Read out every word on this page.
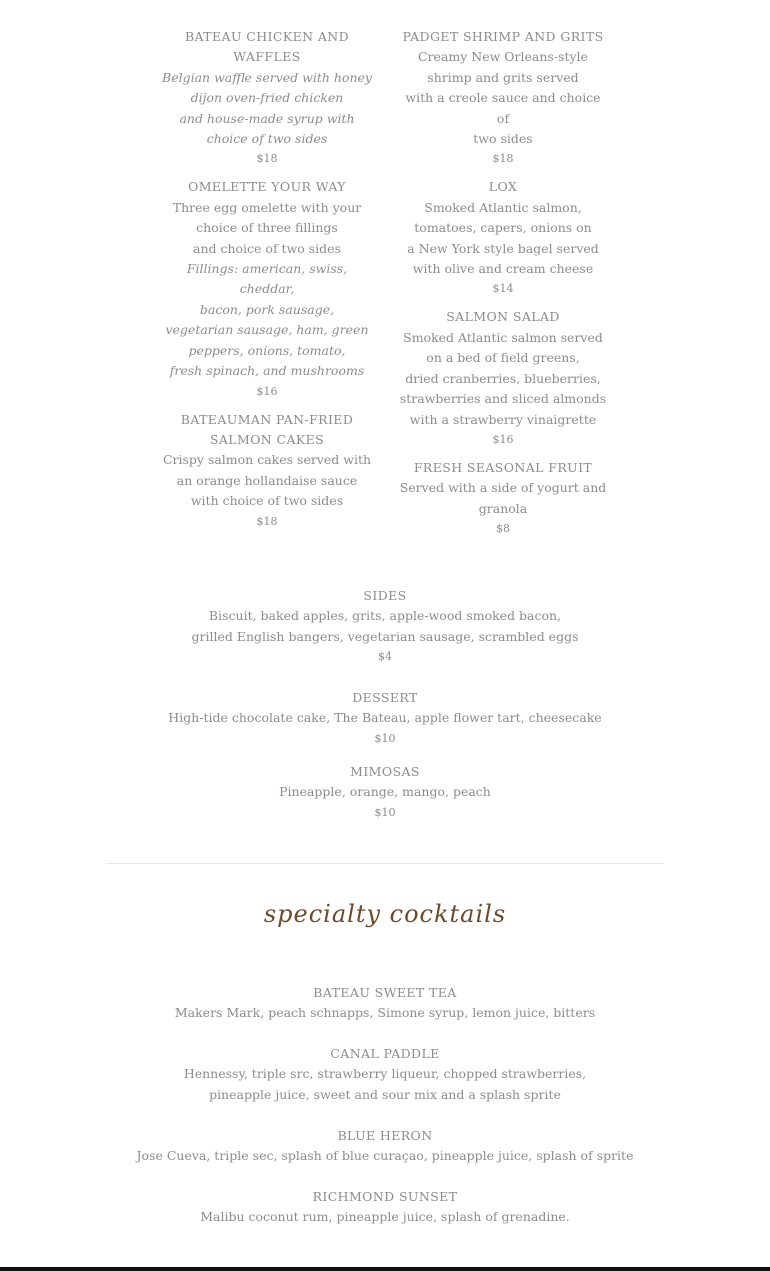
BATEAU CHICKEN AND WAFFLES
Belgian waffle served with honey
dijon oven-fried chicken
and house-made syrup with
choice of two sides
$18
OMELETTE YOUR WAY
Three egg omelette with your
choice of three fillings
and choice of two sides
Fillings: american, swiss, cheddar,
bacon, pork sausage,
vegetarian sausage, ham, green
peppers, onions, tomato,
fresh spinach, and mushrooms
$16
BATEAUMAN PAN-FRIED SALMON CAKES
Crispy salmon cakes served with
an orange hollandaise sauce
with choice of two sides
$18
PADGET SHRIMP AND GRITS
Creamy New Orleans-style
shrimp and grits served
with a creole sauce and choice of
two sides
$18
LOX
Smoked Atlantic salmon,
tomatoes, capers, onions on
a New York style bagel served
with olive and cream cheese
$14
SALMON SALAD
Smoked Atlantic salmon served
on a bed of field greens,
dried cranberries, blueberries,
strawberries and sliced almonds
with a strawberry vinaigrette
$16
FRESH SEASONAL FRUIT
Served with a side of yogurt and
granola
$8
SIDES
Biscuit, baked apples, grits, apple-wood smoked bacon,
grilled English bangers, vegetarian sausage, scrambled eggs
$4
DESSERT
High-tide chocolate cake, The Bateau, apple flower tart, cheesecake
$10
MIMOSAS
Pineapple, orange, mango, peach
$10
specialty cocktails
BATEAU SWEET TEA
Makers Mark, peach schnapps, Simone syrup, lemon juice, bitters
CANAL PADDLE
Hennessy, triple src, strawberry liqueur, chopped strawberries,
pineapple juice, sweet and sour mix and a splash sprite
BLUE HERON
Jose Cueva, triple sec, splash of blue curaçao, pineapple juice, splash of sprite
RICHMOND SUNSET
Malibu coconut rum, pineapple juice, splash of grenadine.
